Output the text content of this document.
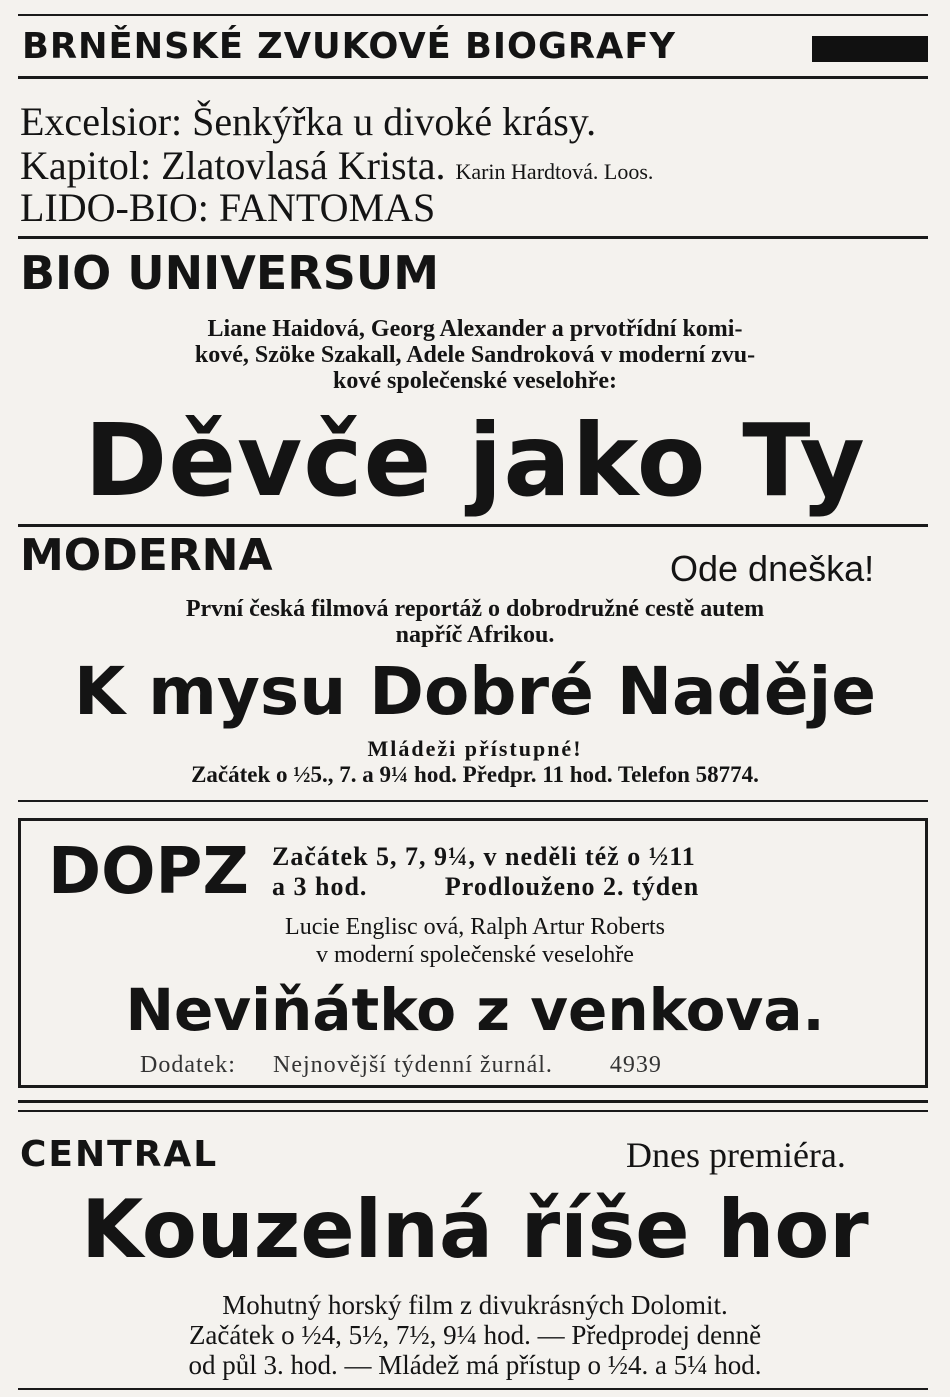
BRNĚNSKÉ ZVUKOVÉ BIOGRAFY
Excelsior: Šenkýřka u divoké krásy.
Kapitol: Zlatovlasá Krista. Karin Hardtová. Loos.
LIDO-BIO: FANTOMAS
BIO UNIVERSUM
Liane Haidová, Georg Alexander a prvotřídní komi-
kové, Szöke Szakall, Adele Sandroková v moderní zvu-
kové společenské veselohře:
Děvče jako Ty
MODERNA	Ode dneška!
První česká filmová reportáž o dobrodružné cestě autem
napříč Afrikou.
K mysu Dobré Naděje
Mládeži přístupné!
Začátek o ½5., 7. a 9¼ hod. Předpr. 11 hod. Telefon 58774.
DOPZ Začátek 5, 7, 9¼, v neděli též o ½11
a 3 hod.	Prodlouženo 2. týden
Lucie Englisc ová, Ralph Artur Roberts
v moderní společenské veselohře
Neviňátko z venkova.
Dodatek: Nejnovější týdenní žurnál. 4939
CENTRAL	Dnes premiéra.
Kouzelná říše hor
Mohutný horský film z divukrásných Dolomit.
Začátek o ½4, 5½, 7½, 9¼ hod. — Předprodej denně
od půl 3. hod. — Mládež má přístup o ½4. a 5¼ hod.
